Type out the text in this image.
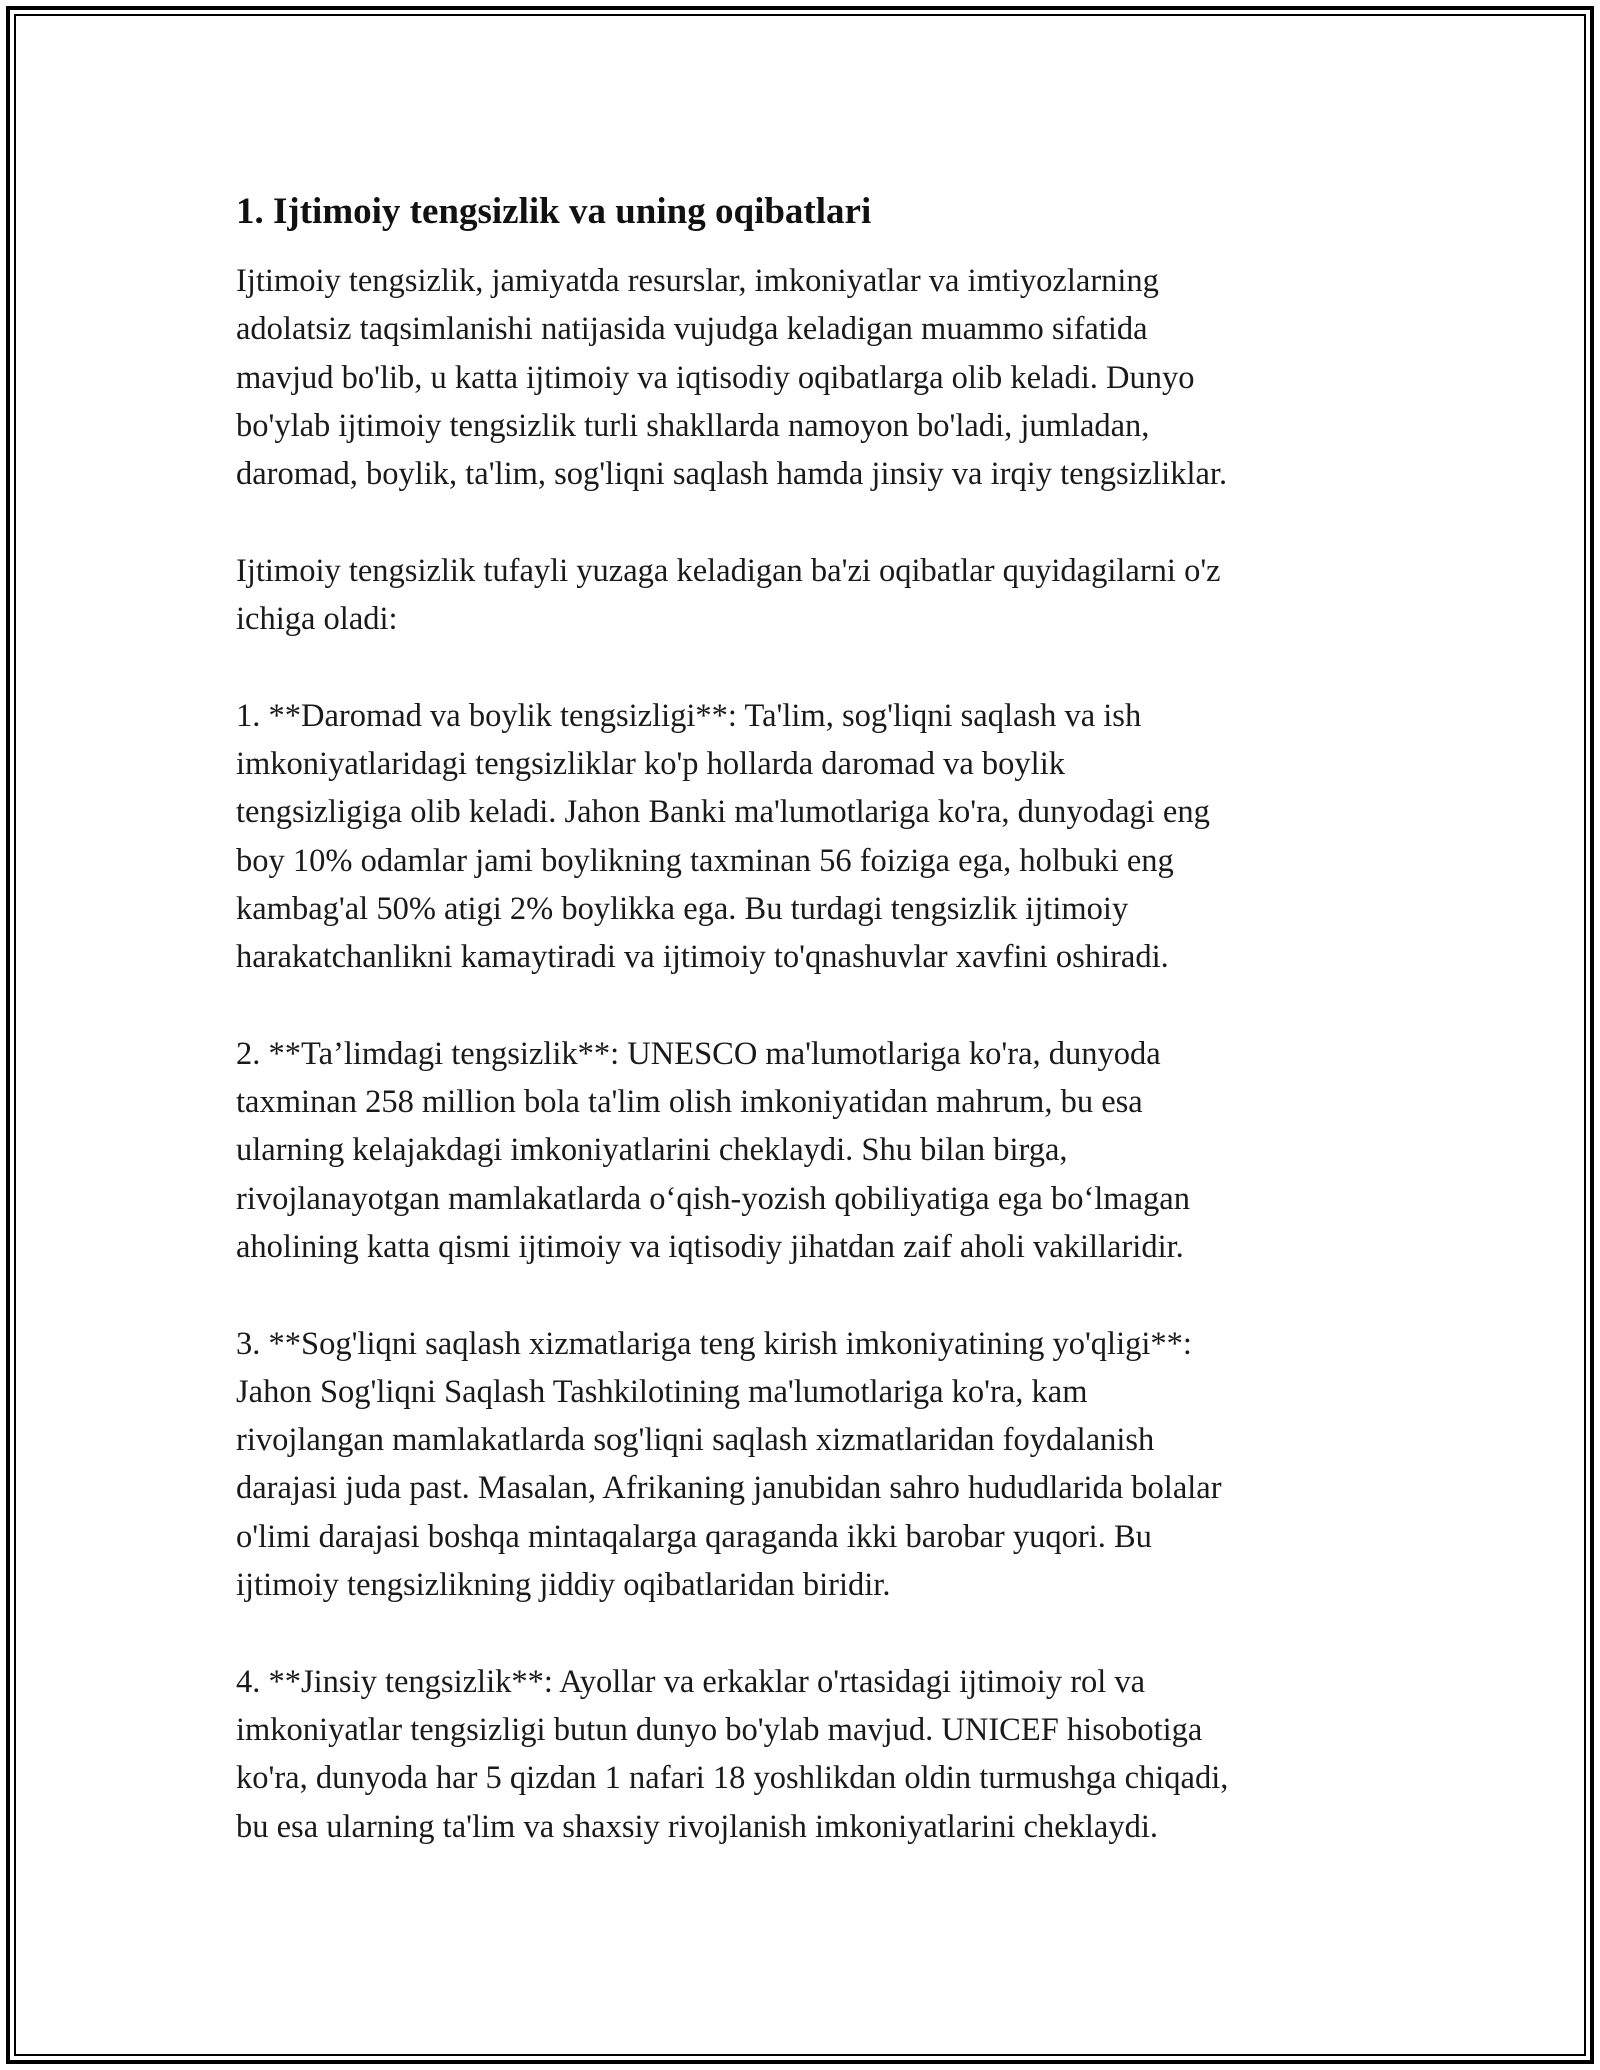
1. Ijtimoiy tengsizlik va uning oqibatlari

Ijtimoiy tengsizlik, jamiyatda resurslar, imkoniyatlar va imtiyozlarning
adolatsiz taqsimlanishi natijasida vujudga keladigan muammo sifatida
mavjud bo'lib, u katta ijtimoiy va iqtisodiy oqibatlarga olib keladi. Dunyo
bo'ylab ijtimoiy tengsizlik turli shakllarda namoyon bo'ladi, jumladan,
daromad, boylik, ta'lim, sog'liqni saqlash hamda jinsiy va irqiy tengsizliklar.

Ijtimoiy tengsizlik tufayli yuzaga keladigan ba'zi oqibatlar quyidagilarni o'z
ichiga oladi:

1. **Daromad va boylik tengsizligi**: Ta'lim, sog'liqni saqlash va ish
imkoniyatlaridagi tengsizliklar ko'p hollarda daromad va boylik
tengsizligiga olib keladi. Jahon Banki ma'lumotlariga ko'ra, dunyodagi eng
boy 10% odamlar jami boylikning taxminan 56 foiziga ega, holbuki eng
kambag'al 50% atigi 2% boylikka ega. Bu turdagi tengsizlik ijtimoiy
harakatchanlikni kamaytiradi va ijtimoiy to'qnashuvlar xavfini oshiradi.

2. **Ta’limdagi tengsizlik**: UNESCO ma'lumotlariga ko'ra, dunyoda
taxminan 258 million bola ta'lim olish imkoniyatidan mahrum, bu esa
ularning kelajakdagi imkoniyatlarini cheklaydi. Shu bilan birga,
rivojlanayotgan mamlakatlarda o‘qish-yozish qobiliyatiga ega bo‘lmagan
aholining katta qismi ijtimoiy va iqtisodiy jihatdan zaif aholi vakillaridir.

3. **Sog'liqni saqlash xizmatlariga teng kirish imkoniyatining yo'qligi**:
Jahon Sog'liqni Saqlash Tashkilotining ma'lumotlariga ko'ra, kam
rivojlangan mamlakatlarda sog'liqni saqlash xizmatlaridan foydalanish
darajasi juda past. Masalan, Afrikaning janubidan sahro hududlarida bolalar
o'limi darajasi boshqa mintaqalarga qaraganda ikki barobar yuqori. Bu
ijtimoiy tengsizlikning jiddiy oqibatlaridan biridir.

4. **Jinsiy tengsizlik**: Ayollar va erkaklar o'rtasidagi ijtimoiy rol va
imkoniyatlar tengsizligi butun dunyo bo'ylab mavjud. UNICEF hisobotiga
ko'ra, dunyoda har 5 qizdan 1 nafari 18 yoshlikdan oldin turmushga chiqadi,
bu esa ularning ta'lim va shaxsiy rivojlanish imkoniyatlarini cheklaydi.
